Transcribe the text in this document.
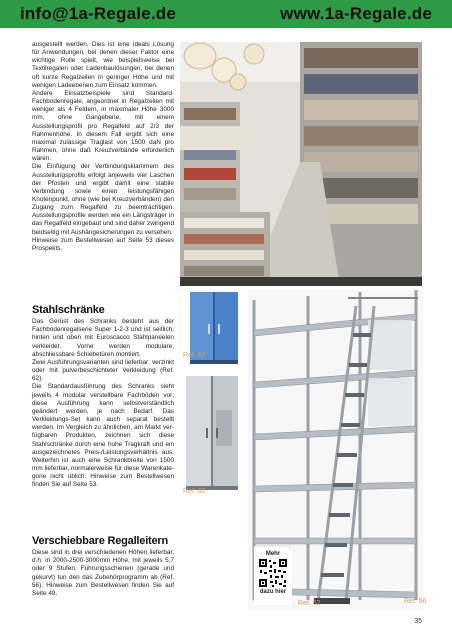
info@1a-Regale.de	www.1a-Regale.de

ausgestellt werden. Dies ist eine ideals Lösung für Anwendungen, bei denen dieser Faktor eine wichtige Rolle spielt, wie beispielsweise bei Textilregalen oder Ladenbaulösungen, bei denen oft kurze Regalzeilen in geringer Höhe und mit wenigen Ladeebenen zum Einsatz kommen.

Andere Einsatzbeispiele sind Standard-Fachbodenregale, angeordnet in Regalzeilen mit weniger als 4 Feldern, in maximaler Höhe 3000 mm, ohne Gangebene, mit einem Ausstellungsprofil pro Regalfeld auf 2/3 der Rahmenhöhe. In diesem Fall ergibt sich eine maximal zulässige Traglast von 1500 daN pro Rahmen, ohne daß Kreuzverbände erforderlich wären.

Die Einfügung der Verbindungsklammern des Ausstellungsprofils erfolgt anjeweils vier Laschen der Pfosten und ergibt damit eine stabile Verbindung sowie einen leistungsfähigen Knotenpunkt, ohne (wie bei Kreuzverbänden) den Zugang zum Regalfeld zu beeinträchtigen. Ausstellungsprofile werden wie ein Längsträger in das Regalfeld eingebaut und sind daher zwingend beidseitig mit Aushängesicherungen zu versehen.

Hinweise zum Bestellwesen auf Seite 53 dieses Prospekts.

Stahlschränke

Das Gerüst des Schranks besteht aus der Fachbodenregalserie Super 1-2-3 und ist seitlich, hinten und oben mit Euroscacco Stahlpaneelen verkleidet. Vorne werden modulare, abschliessbare Schiebetüren montiert.

Zwei Ausführungsvarianten sind lieferbar: verzinkt oder mit pulverbeschichteter Verkleidung (Ref. 62).

Die Standardausführung des Schranks sieht jeweils 4 modular verstellbare Fachböden vor; diese Ausführung kann selbstverständlich geändert werden, je nach Bedarf. Das Verkleidungs-Set kann auch separat bestellt werden. Im Vergleich zu ähnlichen, am Markt verfügbaren Produkten, zeichnen sich diese Stahlschränke durch eine hohe Tragkraft und ein ausgezeichnetes Preis-/Leistungsverhältnis aus. Weiterhin ist auch eine Schrankbreite von 1500 mm lieferbar, normalerweise für diese Warenkategorie nicht üblich. Hinweise zum Bestellwesen finden Sie auf Seite 53.

Verschiebbare Regalleitern

Diese sind in drei verschiedenen Höhen lieferbar, d.h. in 2000-2500-3000mm Höhe, mit jeweils 5,7 oder 9 Stufen. Führungsschienen (gerade und gekurvt) tun den das Zubehörprogramm ab (Ref. 56). Hinweise zum Bestellwesen finden Sie auf Seite 49.

Ref. 62
Ref. 62
Mehr
dazu hier
Ref. 62	Ref. 56
35
